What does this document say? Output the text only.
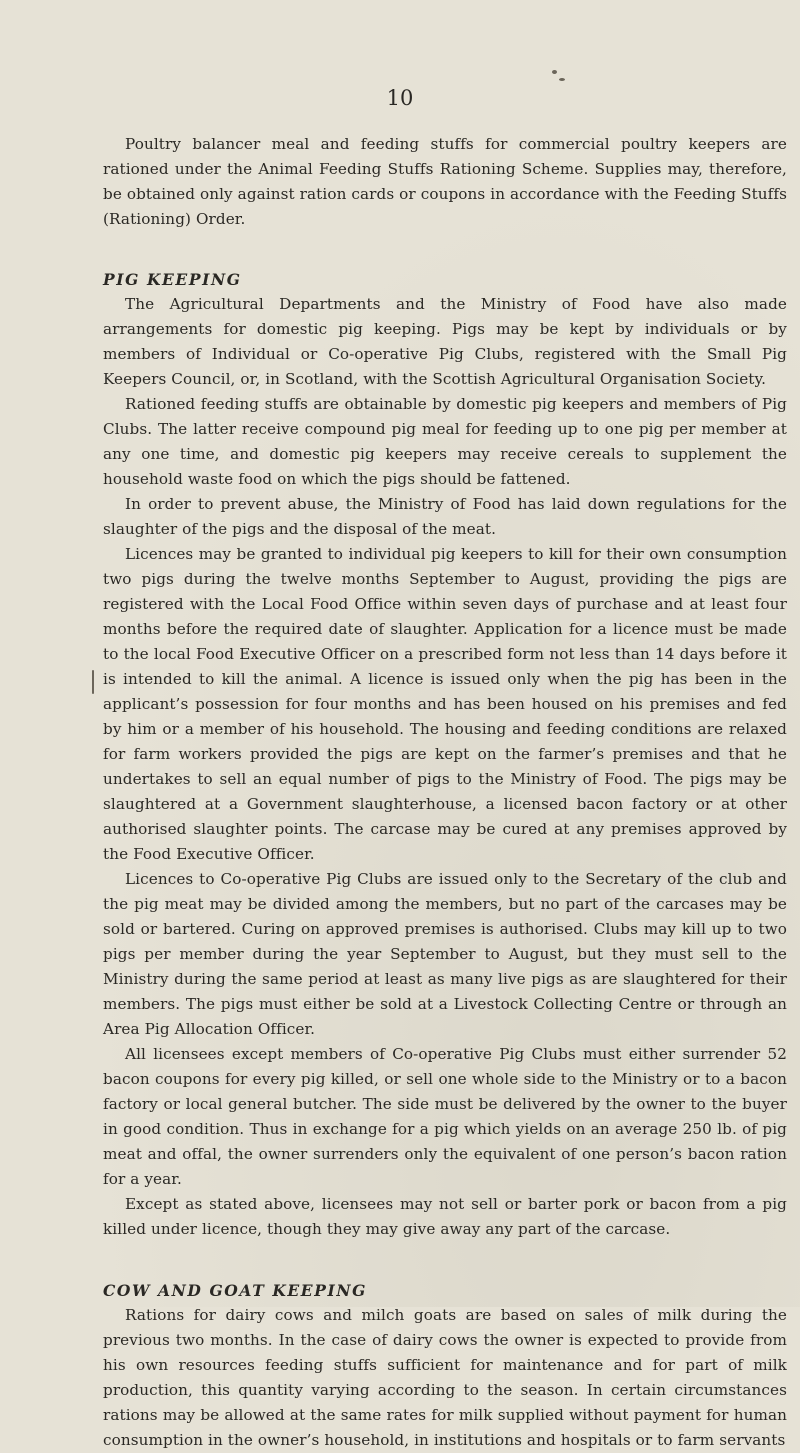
10

Poultry balancer meal and feeding stuffs for commercial poultry keepers are rationed under the Animal Feeding Stuffs Rationing Scheme. Supplies may, therefore, be obtained only against ration cards or coupons in accordance with the Feeding Stuffs (Rationing) Order.

PIG KEEPING

The Agricultural Departments and the Ministry of Food have also made arrangements for domestic pig keeping. Pigs may be kept by individuals or by members of Individual or Co-operative Pig Clubs, registered with the Small Pig Keepers Council, or, in Scotland, with the Scottish Agricultural Organisation Society.

Rationed feeding stuffs are obtainable by domestic pig keepers and members of Pig Clubs. The latter receive compound pig meal for feeding up to one pig per member at any one time, and domestic pig keepers may receive cereals to supplement the household waste food on which the pigs should be fattened.

In order to prevent abuse, the Ministry of Food has laid down regulations for the slaughter of the pigs and the disposal of the meat.

Licences may be granted to individual pig keepers to kill for their own consumption two pigs during the twelve months September to August, providing the pigs are registered with the Local Food Office within seven days of purchase and at least four months before the required date of slaughter. Application for a licence must be made to the local Food Executive Officer on a prescribed form not less than 14 days before it is intended to kill the animal. A licence is issued only when the pig has been in the applicant’s possession for four months and has been housed on his premises and fed by him or a member of his household. The housing and feeding conditions are relaxed for farm workers provided the pigs are kept on the farmer’s premises and that he undertakes to sell an equal number of pigs to the Ministry of Food. The pigs may be slaughtered at a Government slaughterhouse, a licensed bacon factory or at other authorised slaughter points. The carcase may be cured at any premises approved by the Food Executive Officer.

Licences to Co-operative Pig Clubs are issued only to the Secretary of the club and the pig meat may be divided among the members, but no part of the carcases may be sold or bartered. Curing on approved premises is authorised. Clubs may kill up to two pigs per member during the year September to August, but they must sell to the Ministry during the same period at least as many live pigs as are slaughtered for their members. The pigs must either be sold at a Livestock Collecting Centre or through an Area Pig Allocation Officer.

All licensees except members of Co-operative Pig Clubs must either surrender 52 bacon coupons for every pig killed, or sell one whole side to the Ministry or to a bacon factory or local general butcher. The side must be delivered by the owner to the buyer in good condition. Thus in exchange for a pig which yields on an average 250 lb. of pig meat and offal, the owner surrenders only the equivalent of one person’s bacon ration for a year.

Except as stated above, licensees may not sell or barter pork or bacon from a pig killed under licence, though they may give away any part of the carcase.

COW AND GOAT KEEPING

Rations for dairy cows and milch goats are based on sales of milk during the previous two months. In the case of dairy cows the owner is expected to provide from his own resources feeding stuffs sufficient for maintenance and for part of milk production, this quantity varying according to the season. In certain circumstances rations may be allowed at the same rates for milk supplied without payment for human consumption in the owner’s household, in institutions and hospitals or to farm servants
